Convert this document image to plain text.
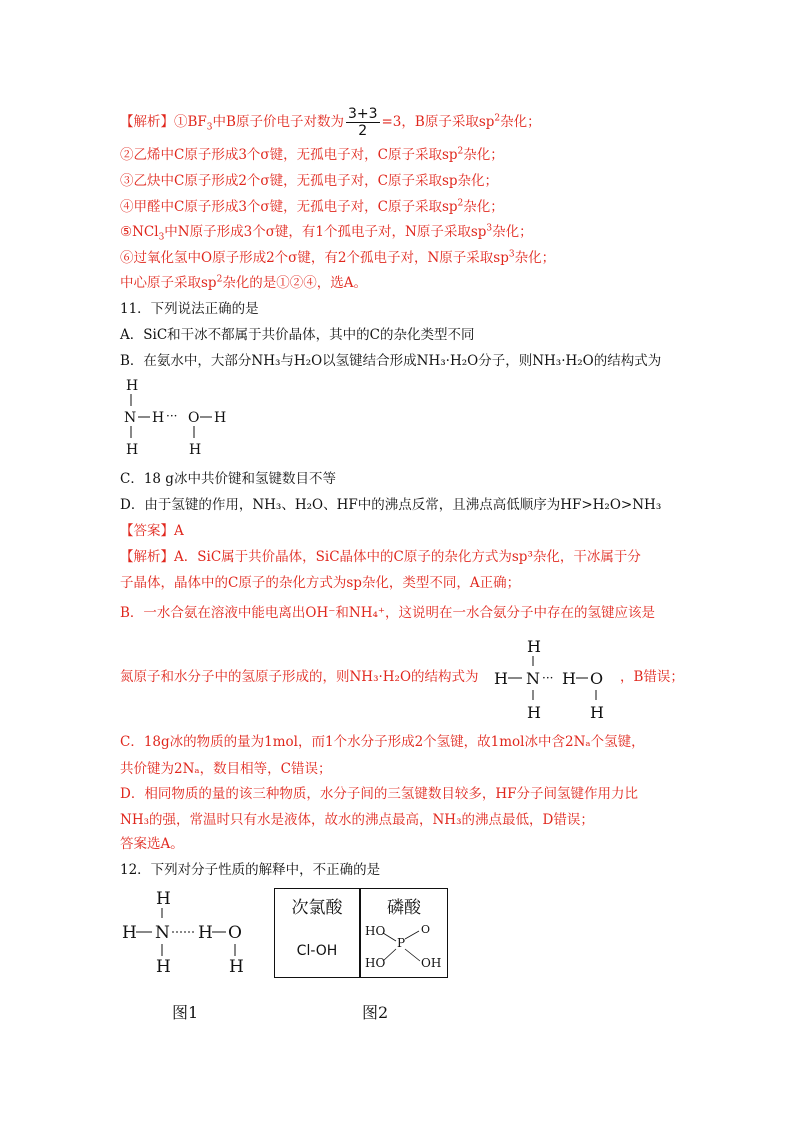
【解析】$①BF_3$中B原子价电子对数为 $\frac{3+3}{2} =3$，B原子采取$sp^2$杂化；
②乙烯中C原子形成3个σ键，无孤电子对，C原子采取$sp^2$杂化；
③乙炔中C原子形成2个σ键，无孤电子对，C原子采取sp杂化；
④甲醛中C原子形成3个σ键，无孤电子对，C原子采取$sp^2$杂化；
⑤NCl$_3$中N原子形成3个σ键，有1个孤电子对，N原子采取$sp^3$杂化；
⑥过氧化氢中O原子形成2个σ键，有2个孤电子对，N原子采取$sp^3$杂化；
中心原子采取$sp^2$杂化的是①②④，选A。
11．下列说法正确的是
A．SiC和干冰不都属于共价晶体，其中的C的杂化类型不同
B．在氨水中，大部分NH₃与H₂O以氢键结合形成NH₃·H₂O分子，则NH₃·H₂O的结构式为
H
N H ··· O H
H	H
C．18 g冰中共价键和氢键数目不等
D．由于氢键的作用，NH₃、H₂O、HF中的沸点反常，且沸点高低顺序为HF>H₂O>NH₃
【答案】A
【解析】A．SiC属于共价晶体，SiC晶体中的C原子的杂化方式为sp³杂化，干冰属于分
子晶体，晶体中的C原子的杂化方式为sp杂化，类型不同，A正确；
B．一水合氨在溶液中能电离出OH⁻和NH₄⁺，这说明在一水合氨分子中存在的氢键应该是
氮原子和水分子中的氢原子形成的，则NH₃·H₂O的结构式为
H
H N ··· H O
H	H
，B错误；
C．18g冰的物质的量为1mol，而1个水分子形成2个氢键，故1mol冰中含2Nₐ个氢键，
共价键为2Nₐ，数目相等，C错误；
D．相同物质的量的该三种物质，水分子间的三氢键数目较多，HF分子间氢键作用力比
NH₃的强，常温时只有水是液体，故水的沸点最高，NH₃的沸点最低，D错误；
答案选A。
12．下列对分子性质的解释中，不正确的是
H
H N H O
H	H
次氯酸
Cl-OH
磷酸
HO
P
O
HO	OH
图1	图2
